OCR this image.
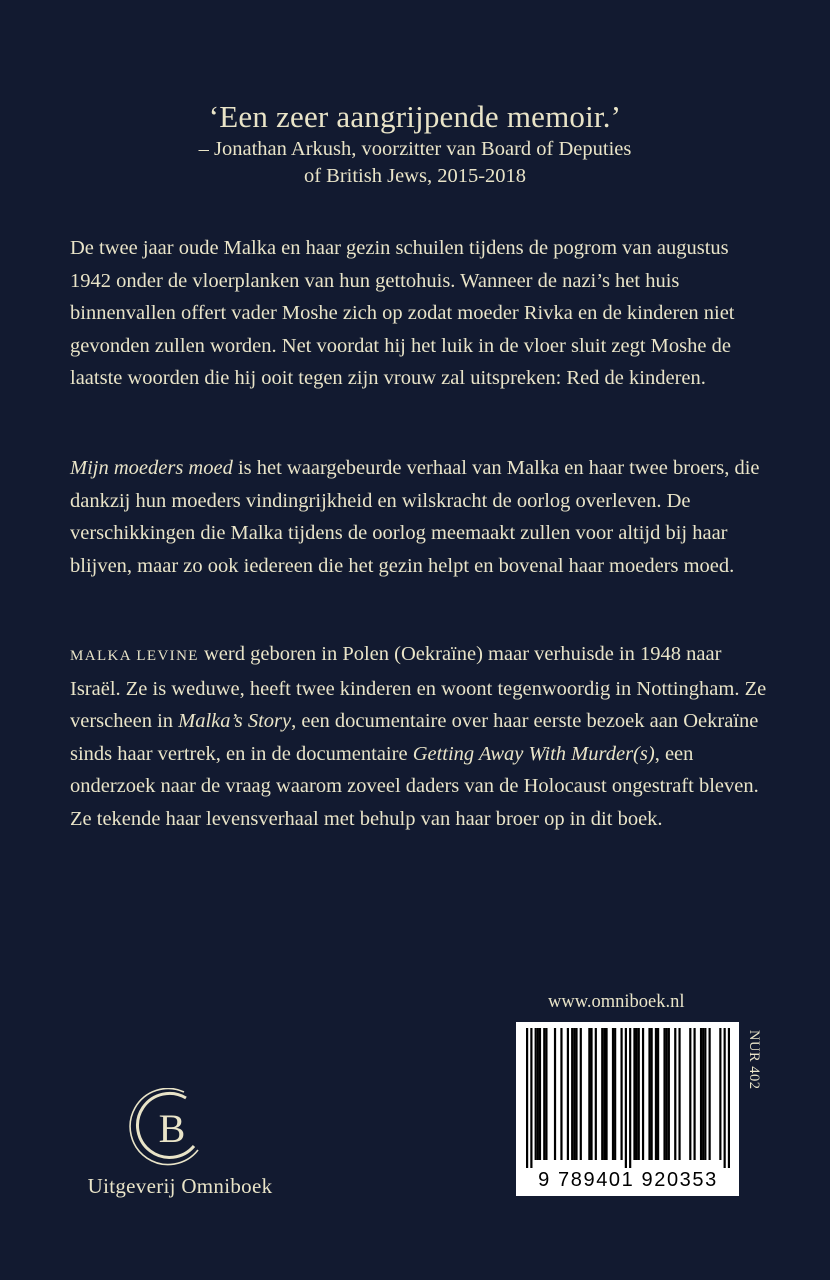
‘Een zeer aangrijpende memoir.’
– Jonathan Arkush, voorzitter van Board of Deputies
of British Jews, 2015-2018

De twee jaar oude Malka en haar gezin schuilen tijdens de pogrom van augustus 1942 onder de vloerplanken van hun gettohuis. Wanneer de nazi’s het huis binnenvallen offert vader Moshe zich op zodat moeder Rivka en de kinderen niet gevonden zullen worden. Net voordat hij het luik in de vloer sluit zegt Moshe de laatste woorden die hij ooit tegen zijn vrouw zal uitspreken: Red de kinderen.

Mijn moeders moed is het waargebeurde verhaal van Malka en haar twee broers, die dankzij hun moeders vindingrijkheid en wilskracht de oorlog overleven. De verschikkingen die Malka tijdens de oorlog meemaakt zullen voor altijd bij haar blijven, maar zo ook iedereen die het gezin helpt en bovenal haar moeders moed.

MALKA LEVINE werd geboren in Polen (Oekraïne) maar verhuisde in 1948 naar Israël. Ze is weduwe, heeft twee kinderen en woont tegenwoordig in Nottingham. Ze verscheen in Malka’s Story, een documentaire over haar eerste bezoek aan Oekraïne sinds haar vertrek, en in de documentaire Getting Away With Murder(s), een onderzoek naar de vraag waarom zoveel daders van de Holocaust ongestraft bleven. Ze tekende haar levensverhaal met behulp van haar broer op in dit boek.

www.omniboek.nl
9 789401 920353
NUR 402
B
Uitgeverij Omniboek
